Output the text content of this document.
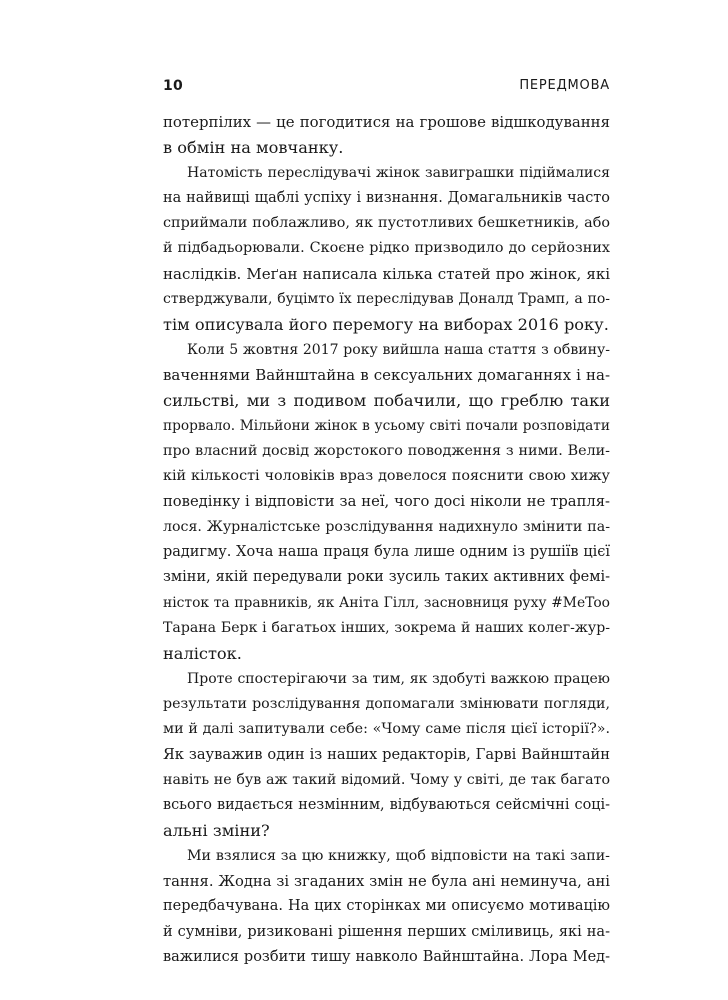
10	ПЕРЕДМОВА
потерпілих — це погодитися на грошове відшкодування
в обмін на мовчанку.
Натомість переслідувачі жінок завиграшки підіймалися
на найвищі щаблі успіху і визнання. Домагальників часто
сприймали поблажливо, як пустотливих бешкетників, або
й підбадьорювали. Скоєне рідко призводило до серйозних
наслідків. Меґан написала кілька статей про жінок, які
стверджували, буцімто їх переслідував Доналд Трамп, а по-
тім описувала його перемогу на виборах 2016 року.
Коли 5 жовтня 2017 року вийшла наша стаття з обвину-
ваченнями Вайнштайна в сексуальних домаганнях і на-
сильстві, ми з подивом побачили, що греблю таки
прорвало. Мільйони жінок в усьому світі почали розповідати
про власний досвід жорстокого поводження з ними. Вели-
кій кількості чоловіків враз довелося пояснити свою хижу
поведінку і відповісти за неї, чого досі ніколи не трапля-
лося. Журналістське розслідування надихнуло змінити па-
радигму. Хоча наша праця була лише одним із рушіїв цієї
зміни, якій передували роки зусиль таких активних фемі-
ністок та правників, як Аніта Гілл, засновниця руху #MeToo
Тарана Берк і багатьох інших, зокрема й наших колег-жур-
налісток.
Проте спостерігаючи за тим, як здобуті важкою працею
результати розслідування допомагали змінювати погляди,
ми й далі запитували себе: «Чому саме після цієї історії?».
Як зауважив один із наших редакторів, Гарві Вайнштайн
навіть не був аж такий відомий. Чому у світі, де так багато
всього видається незмінним, відбуваються сейсмічні соці-
альні зміни?
Ми взялися за цю книжку, щоб відповісти на такі запи-
тання. Жодна зі згаданих змін не була ані неминуча, ані
передбачувана. На цих сторінках ми описуємо мотивацію
й сумніви, ризиковані рішення перших сміливиць, які на-
важилися розбити тишу навколо Вайнштайна. Лора Мед-
